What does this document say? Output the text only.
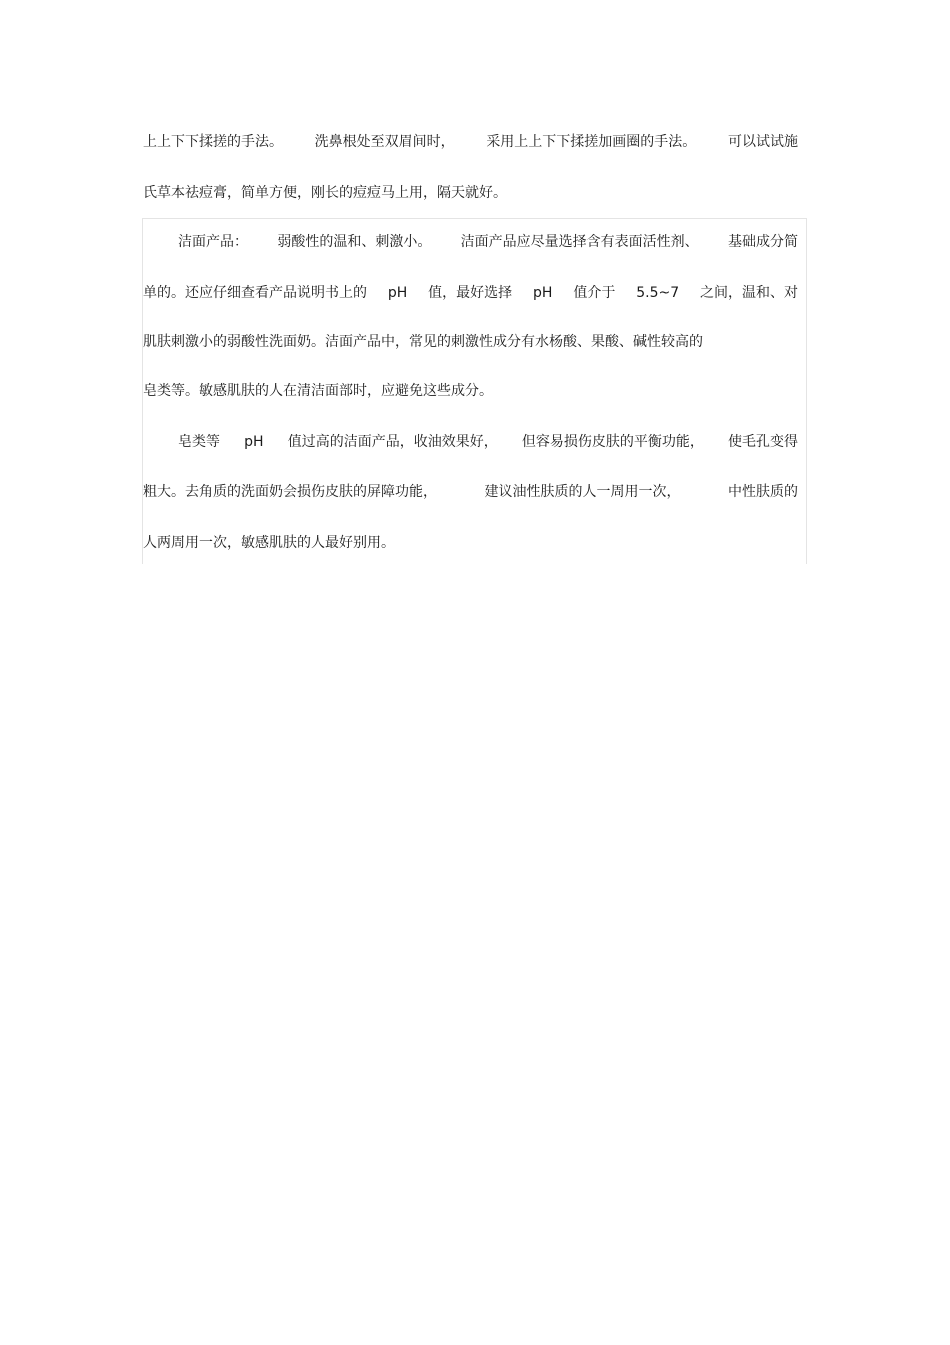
上上下下揉搓的手法。 洗鼻根处至双眉间时， 采用上上下下揉搓加画圈的手法。 可以试试施
氏草本祛痘膏，简单方便，刚长的痘痘马上用，隔天就好。
洁面产品： 弱酸性的温和、刺激小。 洁面产品应尽量选择含有表面活性剂、 基础成分简
单的。还应仔细查看产品说明书上的 pH 值，最好选择 pH 值介于 5.5~7 之间，温和、对
肌肤刺激小的弱酸性洗面奶。洁面产品中，常见的刺激性成分有水杨酸、果酸、碱性较高的
皂类等。敏感肌肤的人在清洁面部时，应避免这些成分。
皂类等 pH 值过高的洁面产品，收油效果好， 但容易损伤皮肤的平衡功能， 使毛孔变得
粗大。去角质的洗面奶会损伤皮肤的屏障功能，	建议油性肤质的人一周用一次，	中性肤质的
人两周用一次，敏感肌肤的人最好别用。
